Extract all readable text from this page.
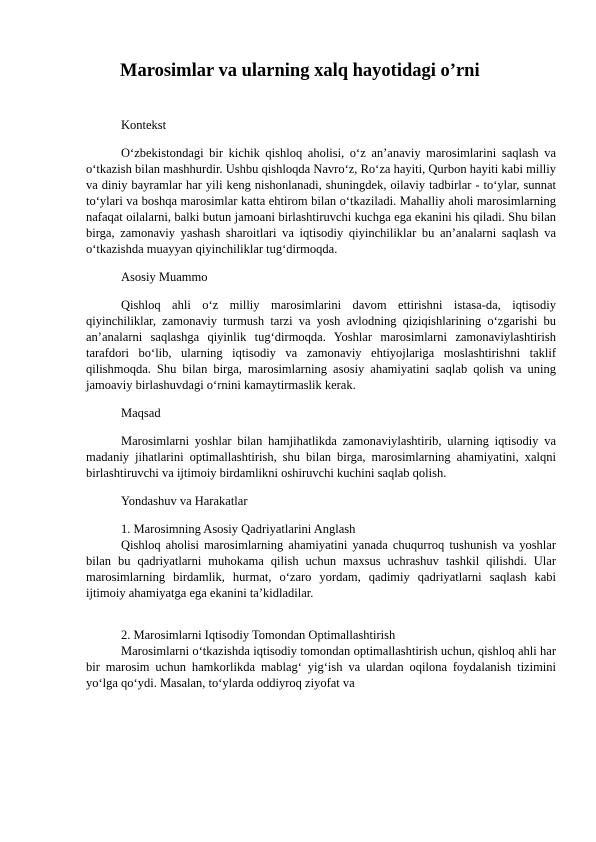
Marosimlar va ularning xalq hayotidagi o’rni

Kontekst

O‘zbekistondagi bir kichik qishloq aholisi, o‘z an’anaviy marosimlarini saqlash va o‘tkazish bilan mashhurdir. Ushbu qishloqda Navro‘z, Ro‘za hayiti, Qurbon hayiti kabi milliy va diniy bayramlar har yili keng nishonlanadi, shuningdek, oilaviy tadbirlar - to‘ylar, sunnat to‘ylari va boshqa marosimlar katta ehtirom bilan o‘tkaziladi. Mahalliy aholi marosimlarning nafaqat oilalarni, balki butun jamoani birlashtiruvchi kuchga ega ekanini his qiladi. Shu bilan birga, zamonaviy yashash sharoitlari va iqtisodiy qiyinchiliklar bu an’analarni saqlash va o‘tkazishda muayyan qiyinchiliklar tug‘dirmoqda.

Asosiy Muammo

Qishloq ahli o‘z milliy marosimlarini davom ettirishni istasa-da, iqtisodiy qiyinchiliklar, zamonaviy turmush tarzi va yosh avlodning qiziqishlarining o‘zgarishi bu an’analarni saqlashga qiyinlik tug‘dirmoqda. Yoshlar marosimlarni zamonaviylashtirish tarafdori bo‘lib, ularning iqtisodiy va zamonaviy ehtiyojlariga moslashtirishni taklif qilishmoqda. Shu bilan birga, marosimlarning asosiy ahamiyatini saqlab qolish va uning jamoaviy birlashuvdagi o‘rnini kamaytirmaslik kerak.

Maqsad

Marosimlarni yoshlar bilan hamjihatlikda zamonaviylashtirib, ularning iqtisodiy va madaniy jihatlarini optimallashtirish, shu bilan birga, marosimlarning ahamiyatini, xalqni birlashtiruvchi va ijtimoiy birdamlikni oshiruvchi kuchini saqlab qolish.

Yondashuv va Harakatlar

1. Marosimning Asosiy Qadriyatlarini Anglash

Qishloq aholisi marosimlarning ahamiyatini yanada chuqurroq tushunish va yoshlar bilan bu qadriyatlarni muhokama qilish uchun maxsus uchrashuv tashkil qilishdi. Ular marosimlarning birdamlik, hurmat, o‘zaro yordam, qadimiy qadriyatlarni saqlash kabi ijtimoiy ahamiyatga ega ekanini ta’kidladilar.

2. Marosimlarni Iqtisodiy Tomondan Optimallashtirish

Marosimlarni o‘tkazishda iqtisodiy tomondan optimallashtirish uchun, qishloq ahli har bir marosim uchun hamkorlikda mablag‘ yig‘ish va ulardan oqilona foydalanish tizimini yo‘lga qo‘ydi. Masalan, to‘ylarda oddiyroq ziyofat va
